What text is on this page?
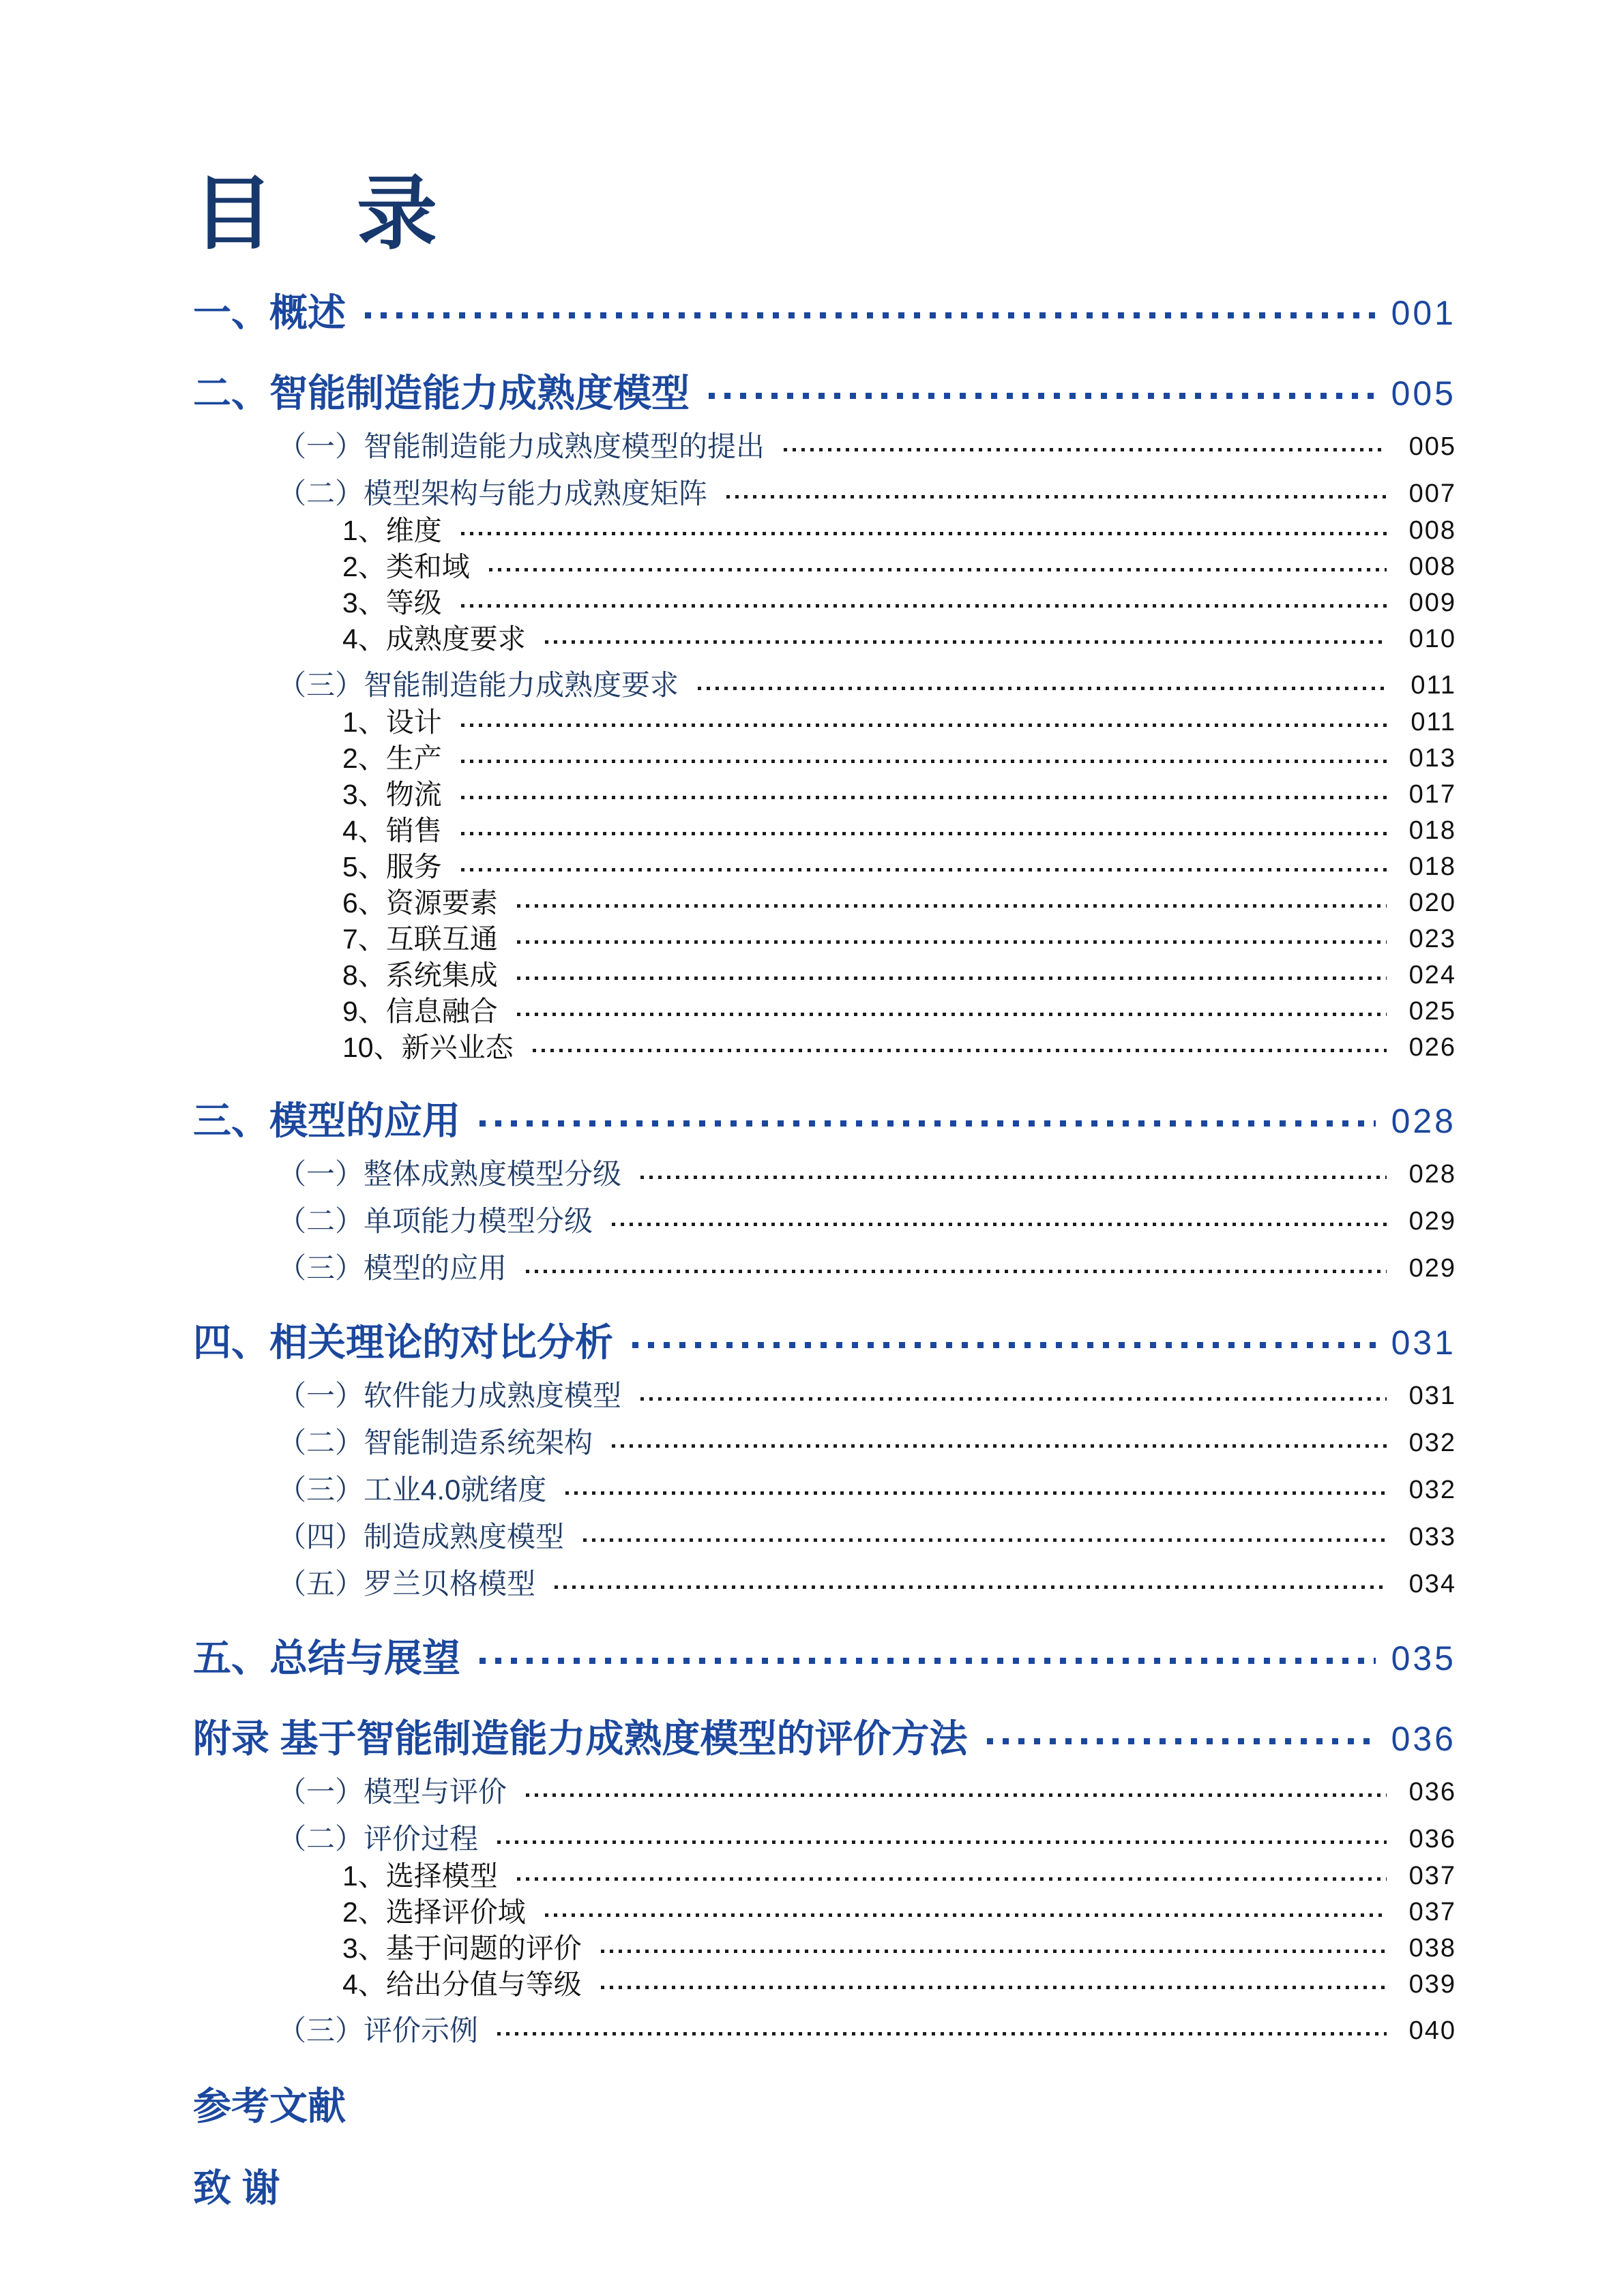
目　录
一、概述	001
二、智能制造能力成熟度模型	005
（一）智能制造能力成熟度模型的提出	005
（二）模型架构与能力成熟度矩阵	007
1、维度	008
2、类和域	008
3、等级	009
4、成熟度要求	010
（三）智能制造能力成熟度要求	011
1、设计	011
2、生产	013
3、物流	017
4、销售	018
5、服务	018
6、资源要素	020
7、互联互通	023
8、系统集成	024
9、信息融合	025
10、新兴业态	026
三、模型的应用	028
（一）整体成熟度模型分级	028
（二）单项能力模型分级	029
（三）模型的应用	029
四、相关理论的对比分析	031
（一）软件能力成熟度模型	031
（二）智能制造系统架构	032
（三）工业4.0就绪度	032
（四）制造成熟度模型	033
（五）罗兰贝格模型	034
五、总结与展望	035
附录 基于智能制造能力成熟度模型的评价方法	036
（一）模型与评价	036
（二）评价过程	036
1、选择模型	037
2、选择评价域	037
3、基于问题的评价	038
4、给出分值与等级	039
（三）评价示例	040
参考文献
致 谢
